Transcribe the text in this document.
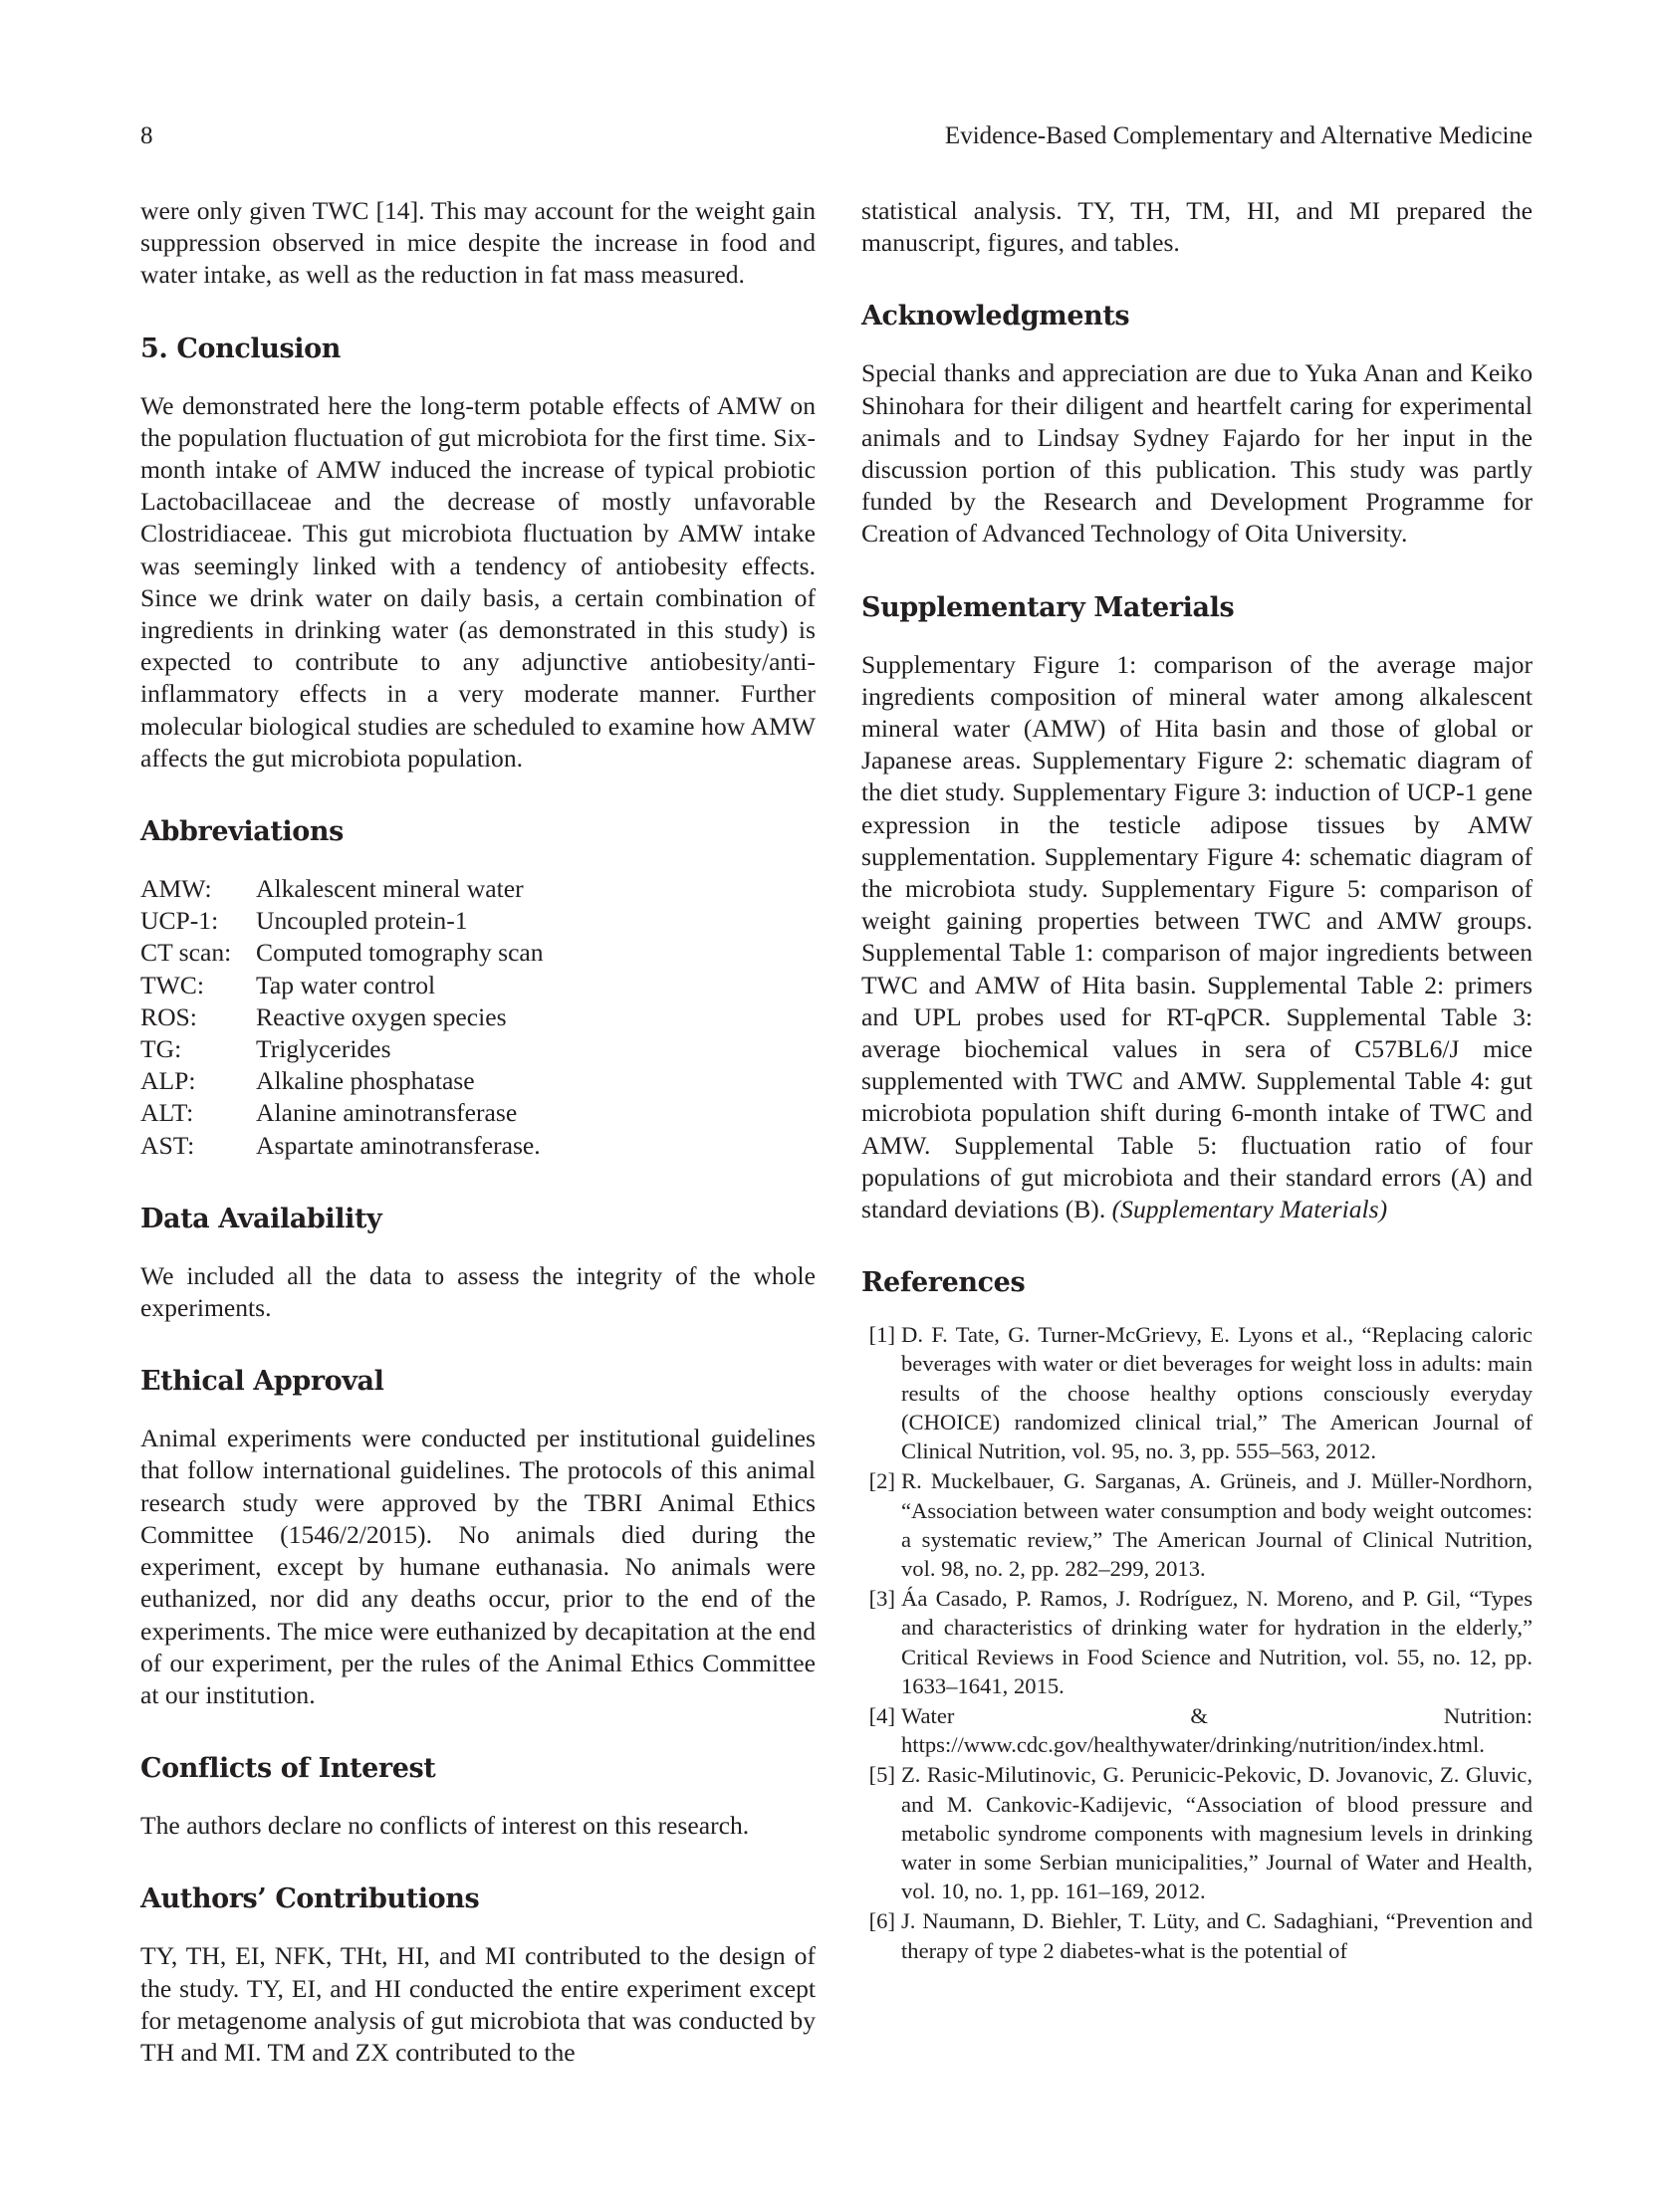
8	Evidence-Based Complementary and Alternative Medicine

were only given TWC [14]. This may account for the weight gain suppression observed in mice despite the increase in food and water intake, as well as the reduction in fat mass measured.

5. Conclusion

We demonstrated here the long-term potable effects of AMW on the population fluctuation of gut microbiota for the first time. Six-month intake of AMW induced the increase of typical probiotic Lactobacillaceae and the decrease of mostly unfavorable Clostridiaceae. This gut microbiota fluctuation by AMW intake was seemingly linked with a tendency of antiobesity effects. Since we drink water on daily basis, a certain combination of ingredients in drinking water (as demonstrated in this study) is expected to contribute to any adjunctive antiobesity/anti-inflammatory effects in a very moderate manner. Further molecular biological studies are scheduled to examine how AMW affects the gut microbiota population.

Abbreviations
AMW:	Alkalescent mineral water
UCP-1:	Uncoupled protein-1
CT scan: Computed tomography scan
TWC:	Tap water control
ROS:	Reactive oxygen species
TG:	Triglycerides
ALP:	Alkaline phosphatase
ALT:	Alanine aminotransferase
AST:	Aspartate aminotransferase.
Data Availability

We included all the data to assess the integrity of the whole experiments.

Ethical Approval

Animal experiments were conducted per institutional guidelines that follow international guidelines. The protocols of this animal research study were approved by the TBRI Animal Ethics Committee (1546/2/2015). No animals died during the experiment, except by humane euthanasia. No animals were euthanized, nor did any deaths occur, prior to the end of the experiments. The mice were euthanized by decapitation at the end of our experiment, per the rules of the Animal Ethics Committee at our institution.

Conflicts of Interest

The authors declare no conflicts of interest on this research.

Authors’ Contributions

TY, TH, EI, NFK, THt, HI, and MI contributed to the design of the study. TY, EI, and HI conducted the entire experiment except for metagenome analysis of gut microbiota that was conducted by TH and MI. TM and ZX contributed to the

statistical analysis. TY, TH, TM, HI, and MI prepared the manuscript, figures, and tables.

Acknowledgments

Special thanks and appreciation are due to Yuka Anan and Keiko Shinohara for their diligent and heartfelt caring for experimental animals and to Lindsay Sydney Fajardo for her input in the discussion portion of this publication. This study was partly funded by the Research and Development Programme for Creation of Advanced Technology of Oita University.

Supplementary Materials

Supplementary Figure 1: comparison of the average major ingredients composition of mineral water among alkalescent mineral water (AMW) of Hita basin and those of global or Japanese areas. Supplementary Figure 2: schematic diagram of the diet study. Supplementary Figure 3: induction of UCP-1 gene expression in the testicle adipose tissues by AMW supplementation. Supplementary Figure 4: schematic diagram of the microbiota study. Supplementary Figure 5: comparison of weight gaining properties between TWC and AMW groups. Supplemental Table 1: comparison of major ingredients between TWC and AMW of Hita basin. Supplemental Table 2: primers and UPL probes used for RT-qPCR. Supplemental Table 3: average biochemical values in sera of C57BL6/J mice supplemented with TWC and AMW. Supplemental Table 4: gut microbiota population shift during 6-month intake of TWC and AMW. Supplemental Table 5: fluctuation ratio of four populations of gut microbiota and their standard errors (A) and standard deviations (B). (Supplementary Materials)

References
[1] D. F. Tate, G. Turner-McGrievy, E. Lyons et al., “Replacing caloric beverages with water or diet beverages for weight loss in adults: main results of the choose healthy options consciously everyday (CHOICE) randomized clinical trial,” The American Journal of Clinical Nutrition, vol. 95, no. 3, pp. 555–563, 2012.
[2] R. Muckelbauer, G. Sarganas, A. Grüneis, and J. Müller-Nordhorn, “Association between water consumption and body weight outcomes: a systematic review,” The American Journal of Clinical Nutrition, vol. 98, no. 2, pp. 282–299, 2013.
[3] Áa Casado, P. Ramos, J. Rodríguez, N. Moreno, and P. Gil, “Types and characteristics of drinking water for hydration in the elderly,” Critical Reviews in Food Science and Nutrition, vol. 55, no. 12, pp. 1633–1641, 2015.
[4] Water & Nutrition: https://www.cdc.gov/healthywater/drinking/nutrition/index.html.
[5] Z. Rasic-Milutinovic, G. Perunicic-Pekovic, D. Jovanovic, Z. Gluvic, and M. Cankovic-Kadijevic, “Association of blood pressure and metabolic syndrome components with magnesium levels in drinking water in some Serbian municipalities,” Journal of Water and Health, vol. 10, no. 1, pp. 161–169, 2012.
[6] J. Naumann, D. Biehler, T. Lüty, and C. Sadaghiani, “Prevention and therapy of type 2 diabetes-what is the potential of
